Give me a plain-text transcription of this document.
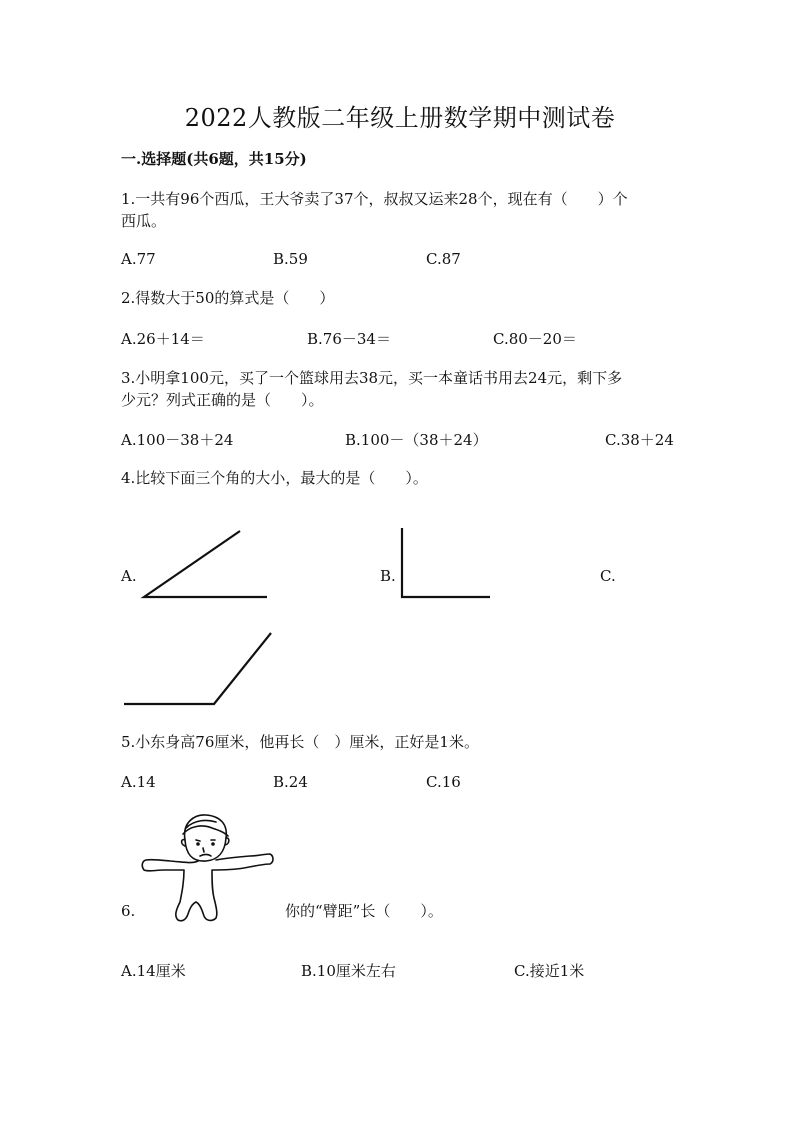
2022人教版二年级上册数学期中测试卷
一.选择题(共6题，共15分)
1.一共有96个西瓜，王大爷卖了37个，叔叔又运来28个，现在有（　　）个
西瓜。
A.77	B.59	C.87
2.得数大于50的算式是（　　）
A.26＋14＝	B.76－34＝	C.80－20＝
3.小明拿100元，买了一个篮球用去38元，买一本童话书用去24元，剩下多
少元？列式正确的是（　　）。
A.100－38＋24	B.100－（38＋24）	C.38＋24
4.比较下面三个角的大小，最大的是（　　）。
A.	B.	C.
5.小东身高76厘米，他再长（　）厘米，正好是1米。
A.14	B.24	C.16
6.	你的“臂距”长（　　）。
A.14厘米	B.10厘米左右	C.接近1米
